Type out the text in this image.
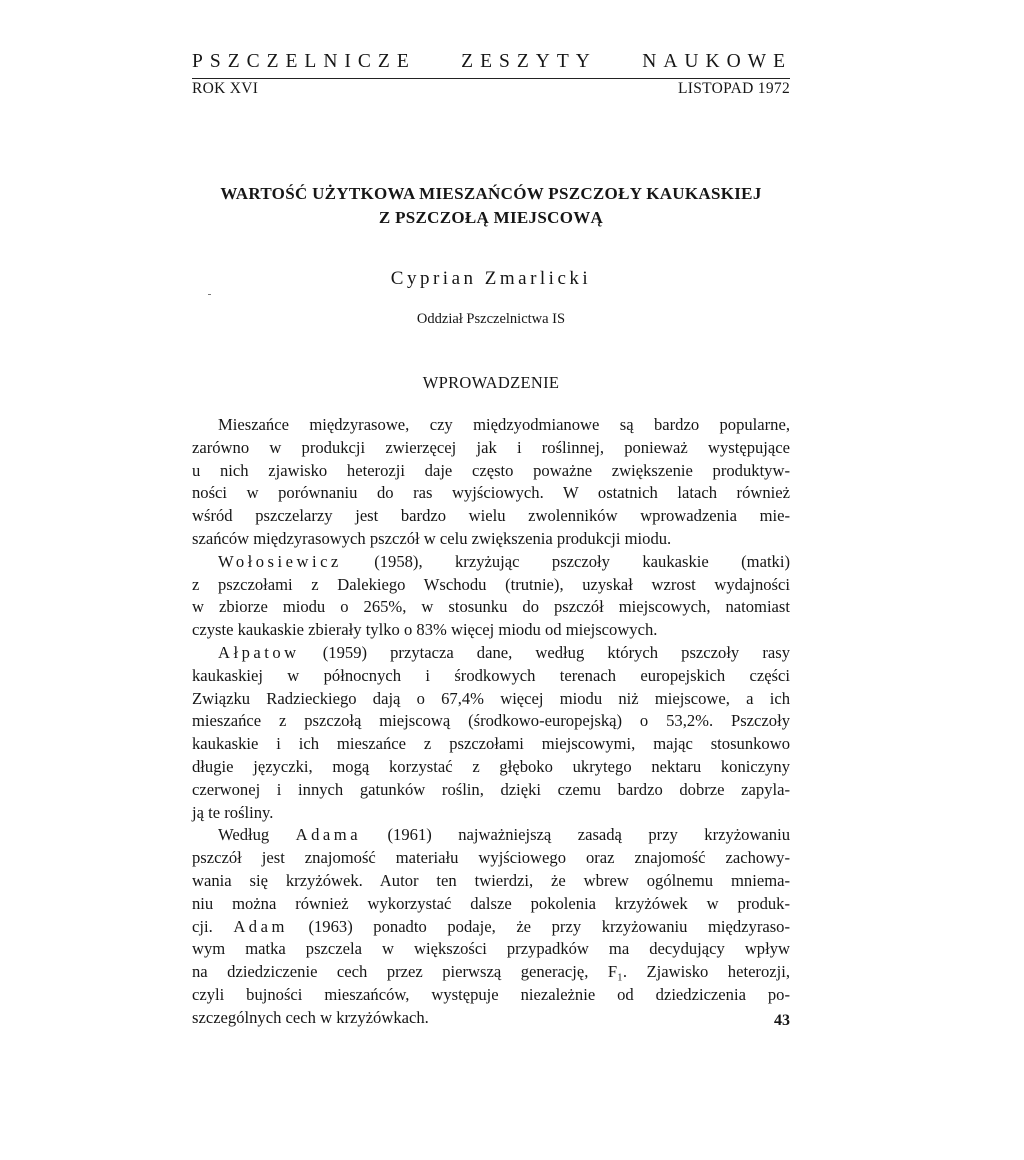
PSZCZELNICZE ZESZYTY NAUKOWE
ROK XVI	LISTOPAD 1972
WARTOŚĆ UŻYTKOWA MIESZAŃCÓW PSZCZOŁY KAUKASKIEJ
Z PSZCZOŁĄ MIEJSCOWĄ
Cyprian Zmarlicki
Oddział Pszczelnictwa IS
WPROWADZENIE
Mieszańce międzyrasowe, czy międzyodmianowe są bardzo popularne,
zarówno w produkcji zwierzęcej jak i roślinnej, ponieważ występujące
u nich zjawisko heterozji daje często poważne zwiększenie produktyw-
ności w porównaniu do ras wyjściowych. W ostatnich latach również
wśród pszczelarzy jest bardzo wielu zwolenników wprowadzenia mie-
szańców międzyrasowych pszczół w celu zwiększenia produkcji miodu.
Wołosiewicz (1958), krzyżując pszczoły kaukaskie (matki)
z pszczołami z Dalekiego Wschodu (trutnie), uzyskał wzrost wydajności
w zbiorze miodu o 265%, w stosunku do pszczół miejscowych, natomiast
czyste kaukaskie zbierały tylko o 83% więcej miodu od miejscowych.
Ałpatow (1959) przytacza dane, według których pszczoły rasy
kaukaskiej w północnych i środkowych terenach europejskich części
Związku Radzieckiego dają o 67,4% więcej miodu niż miejscowe, a ich
mieszańce z pszczołą miejscową (środkowo-europejską) o 53,2%. Pszczoły
kaukaskie i ich mieszańce z pszczołami miejscowymi, mając stosunkowo
długie języczki, mogą korzystać z głęboko ukrytego nektaru koniczyny
czerwonej i innych gatunków roślin, dzięki czemu bardzo dobrze zapyla-
ją te rośliny.
Według Adama (1961) najważniejszą zasadą przy krzyżowaniu
pszczół jest znajomość materiału wyjściowego oraz znajomość zachowy-
wania się krzyżówek. Autor ten twierdzi, że wbrew ogólnemu mniema-
niu można również wykorzystać dalsze pokolenia krzyżówek w produk-
cji. Adam (1963) ponadto podaje, że przy krzyżowaniu międzyraso-
wym matka pszczela w większości przypadków ma decydujący wpływ
na dziedziczenie cech przez pierwszą generację, F₁. Zjawisko heterozji,
czyli bujności mieszańców, występuje niezależnie od dziedziczenia po-
szczególnych cech w krzyżówkach.	43
